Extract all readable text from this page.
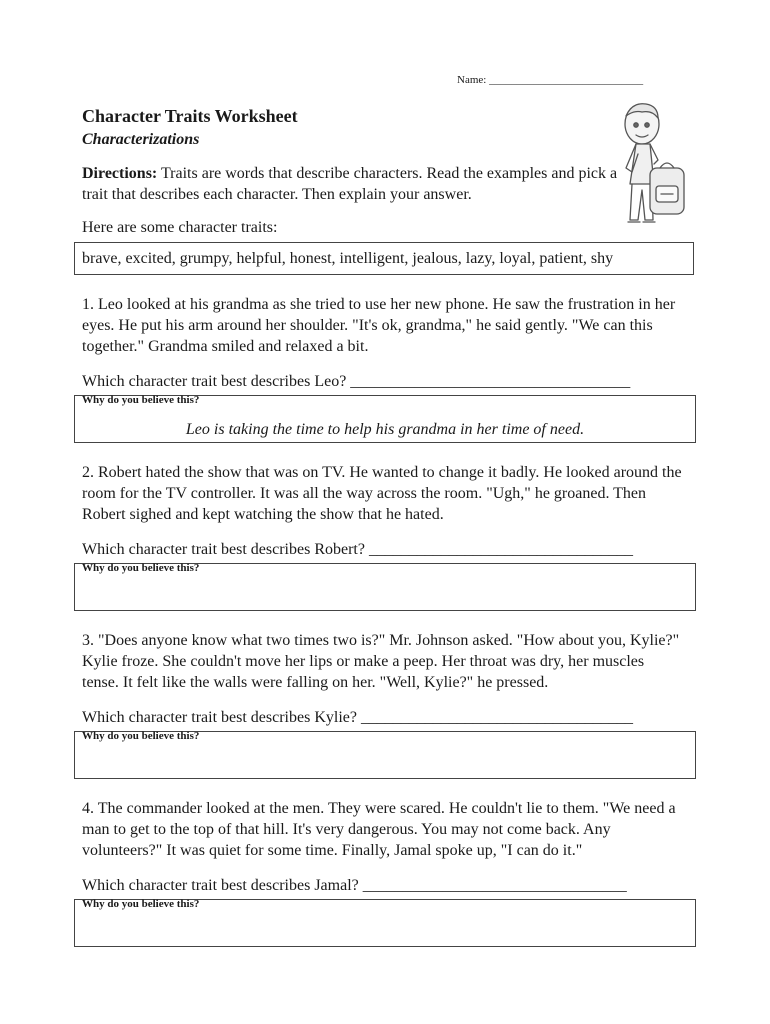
Name: ____________________________
Character Traits Worksheet
Characterizations
Directions: Traits are words that describe characters. Read the examples and pick a trait that describes each character. Then explain your answer.
Here are some character traits:
brave, excited, grumpy, helpful, honest, intelligent, jealous, lazy, loyal, patient, shy
1. Leo looked at his grandma as she tried to use her new phone. He saw the frustration in her eyes. He put his arm around her shoulder. "It's ok, grandma," he said gently. "We can this together." Grandma smiled and relaxed a bit.
Which character trait best describes Leo? ___________________________________
Why do you believe this?
Leo is taking the time to help his grandma in her time of need.
2. Robert hated the show that was on TV. He wanted to change it badly. He looked around the room for the TV controller. It was all the way across the room. "Ugh," he groaned. Then Robert sighed and kept watching the show that he hated.
Which character trait best describes Robert? _________________________________
Why do you believe this?
3. "Does anyone know what two times two is?" Mr. Johnson asked. "How about you, Kylie?" Kylie froze. She couldn't move her lips or make a peep. Her throat was dry, her muscles tense. It felt like the walls were falling on her. "Well, Kylie?" he pressed.
Which character trait best describes Kylie? __________________________________
Why do you believe this?
4. The commander looked at the men. They were scared. He couldn't lie to them. "We need a man to get to the top of that hill. It's very dangerous. You may not come back. Any volunteers?" It was quiet for some time. Finally, Jamal spoke up, "I can do it."
Which character trait best describes Jamal? _________________________________
Why do you believe this?
